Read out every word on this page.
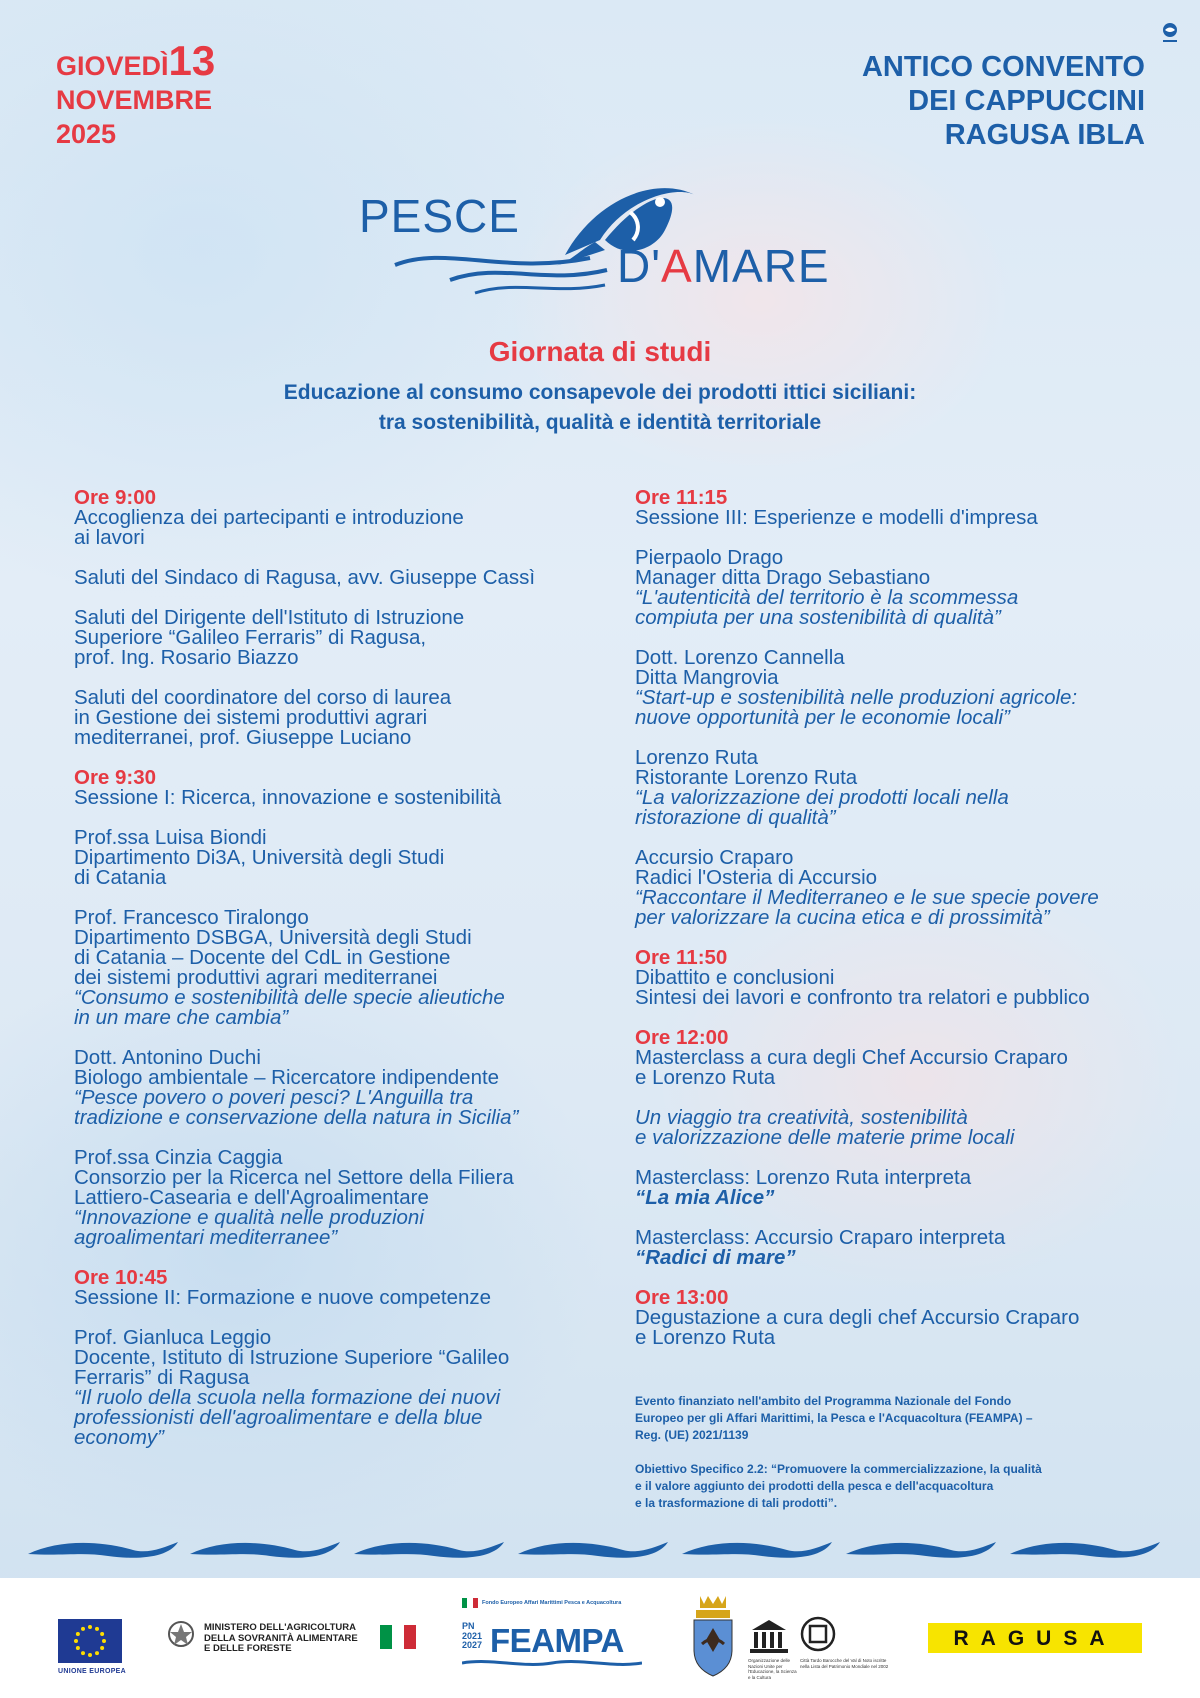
GIOVEDÌ13
NOVEMBRE
2025
ANTICO CONVENTO
DEI CAPPUCCINI
RAGUSA IBLA
PESCE
D'AMARE
Giornata di studi
Educazione al consumo consapevole dei prodotti ittici siciliani:
tra sostenibilità, qualità e identità territoriale
Ore 9:00
Accoglienza dei partecipanti e introduzione
ai lavori
Saluti del Sindaco di Ragusa, avv. Giuseppe Cassì
Saluti del Dirigente dell'Istituto di Istruzione
Superiore “Galileo Ferraris” di Ragusa,
prof. Ing. Rosario Biazzo
Saluti del coordinatore del corso di laurea
in Gestione dei sistemi produttivi agrari
mediterranei, prof. Giuseppe Luciano
Ore 9:30
Sessione I: Ricerca, innovazione e sostenibilità
Prof.ssa Luisa Biondi
Dipartimento Di3A, Università degli Studi
di Catania
Prof. Francesco Tiralongo
Dipartimento DSBGA, Università degli Studi
di Catania – Docente del CdL in Gestione
dei sistemi produttivi agrari mediterranei
“Consumo e sostenibilità delle specie alieutiche
in un mare che cambia”
Dott. Antonino Duchi
Biologo ambientale – Ricercatore indipendente
“Pesce povero o poveri pesci? L'Anguilla tra
tradizione e conservazione della natura in Sicilia”
Prof.ssa Cinzia Caggia
Consorzio per la Ricerca nel Settore della Filiera
Lattiero-Casearia e dell'Agroalimentare
“Innovazione e qualità nelle produzioni
agroalimentari mediterranee”
Ore 10:45
Sessione II: Formazione e nuove competenze
Prof. Gianluca Leggio
Docente, Istituto di Istruzione Superiore “Galileo
Ferraris” di Ragusa
“Il ruolo della scuola nella formazione dei nuovi
professionisti dell'agroalimentare e della blue
economy”
Ore 11:15
Sessione III: Esperienze e modelli d'impresa
Pierpaolo Drago
Manager ditta Drago Sebastiano
“L'autenticità del territorio è la scommessa
compiuta per una sostenibilità di qualità”
Dott. Lorenzo Cannella
Ditta Mangrovia
“Start-up e sostenibilità nelle produzioni agricole:
nuove opportunità per le economie locali”
Lorenzo Ruta
Ristorante Lorenzo Ruta
“La valorizzazione dei prodotti locali nella
ristorazione di qualità”
Accursio Craparo
Radici l'Osteria di Accursio
“Raccontare il Mediterraneo e le sue specie povere
per valorizzare la cucina etica e di prossimità”
Ore 11:50
Dibattito e conclusioni
Sintesi dei lavori e confronto tra relatori e pubblico
Ore 12:00
Masterclass a cura degli Chef Accursio Craparo
e Lorenzo Ruta
Un viaggio tra creatività, sostenibilità
e valorizzazione delle materie prime locali
Masterclass: Lorenzo Ruta interpreta
“La mia Alice”
Masterclass: Accursio Craparo interpreta
“Radici di mare”
Ore 13:00
Degustazione a cura degli chef Accursio Craparo
e Lorenzo Ruta
Evento finanziato nell'ambito del Programma Nazionale del Fondo
Europeo per gli Affari Marittimi, la Pesca e l'Acquacoltura (FEAMPA) –
Reg. (UE) 2021/1139
Obiettivo Specifico 2.2: “Promuovere la commercializzazione, la qualità
e il valore aggiunto dei prodotti della pesca e dell'acquacoltura
e la trasformazione di tali prodotti”.
UNIONE EUROPEA
MINISTERO DELL'AGRICOLTURA
DELLA SOVRANITÀ ALIMENTARE
E DELLE FORESTE
Fondo Europeo Affari Marittimi Pesca e Acquacoltura
PN
2021
2027 FEAMPA
Organizzazione delle Nazioni Unite per l'Educazione, la Scienza e la Cultura
Città Tardo Barocche del Val di Noto iscritte nella Lista del Patrimonio Mondiale nel 2002
RAGUSA
